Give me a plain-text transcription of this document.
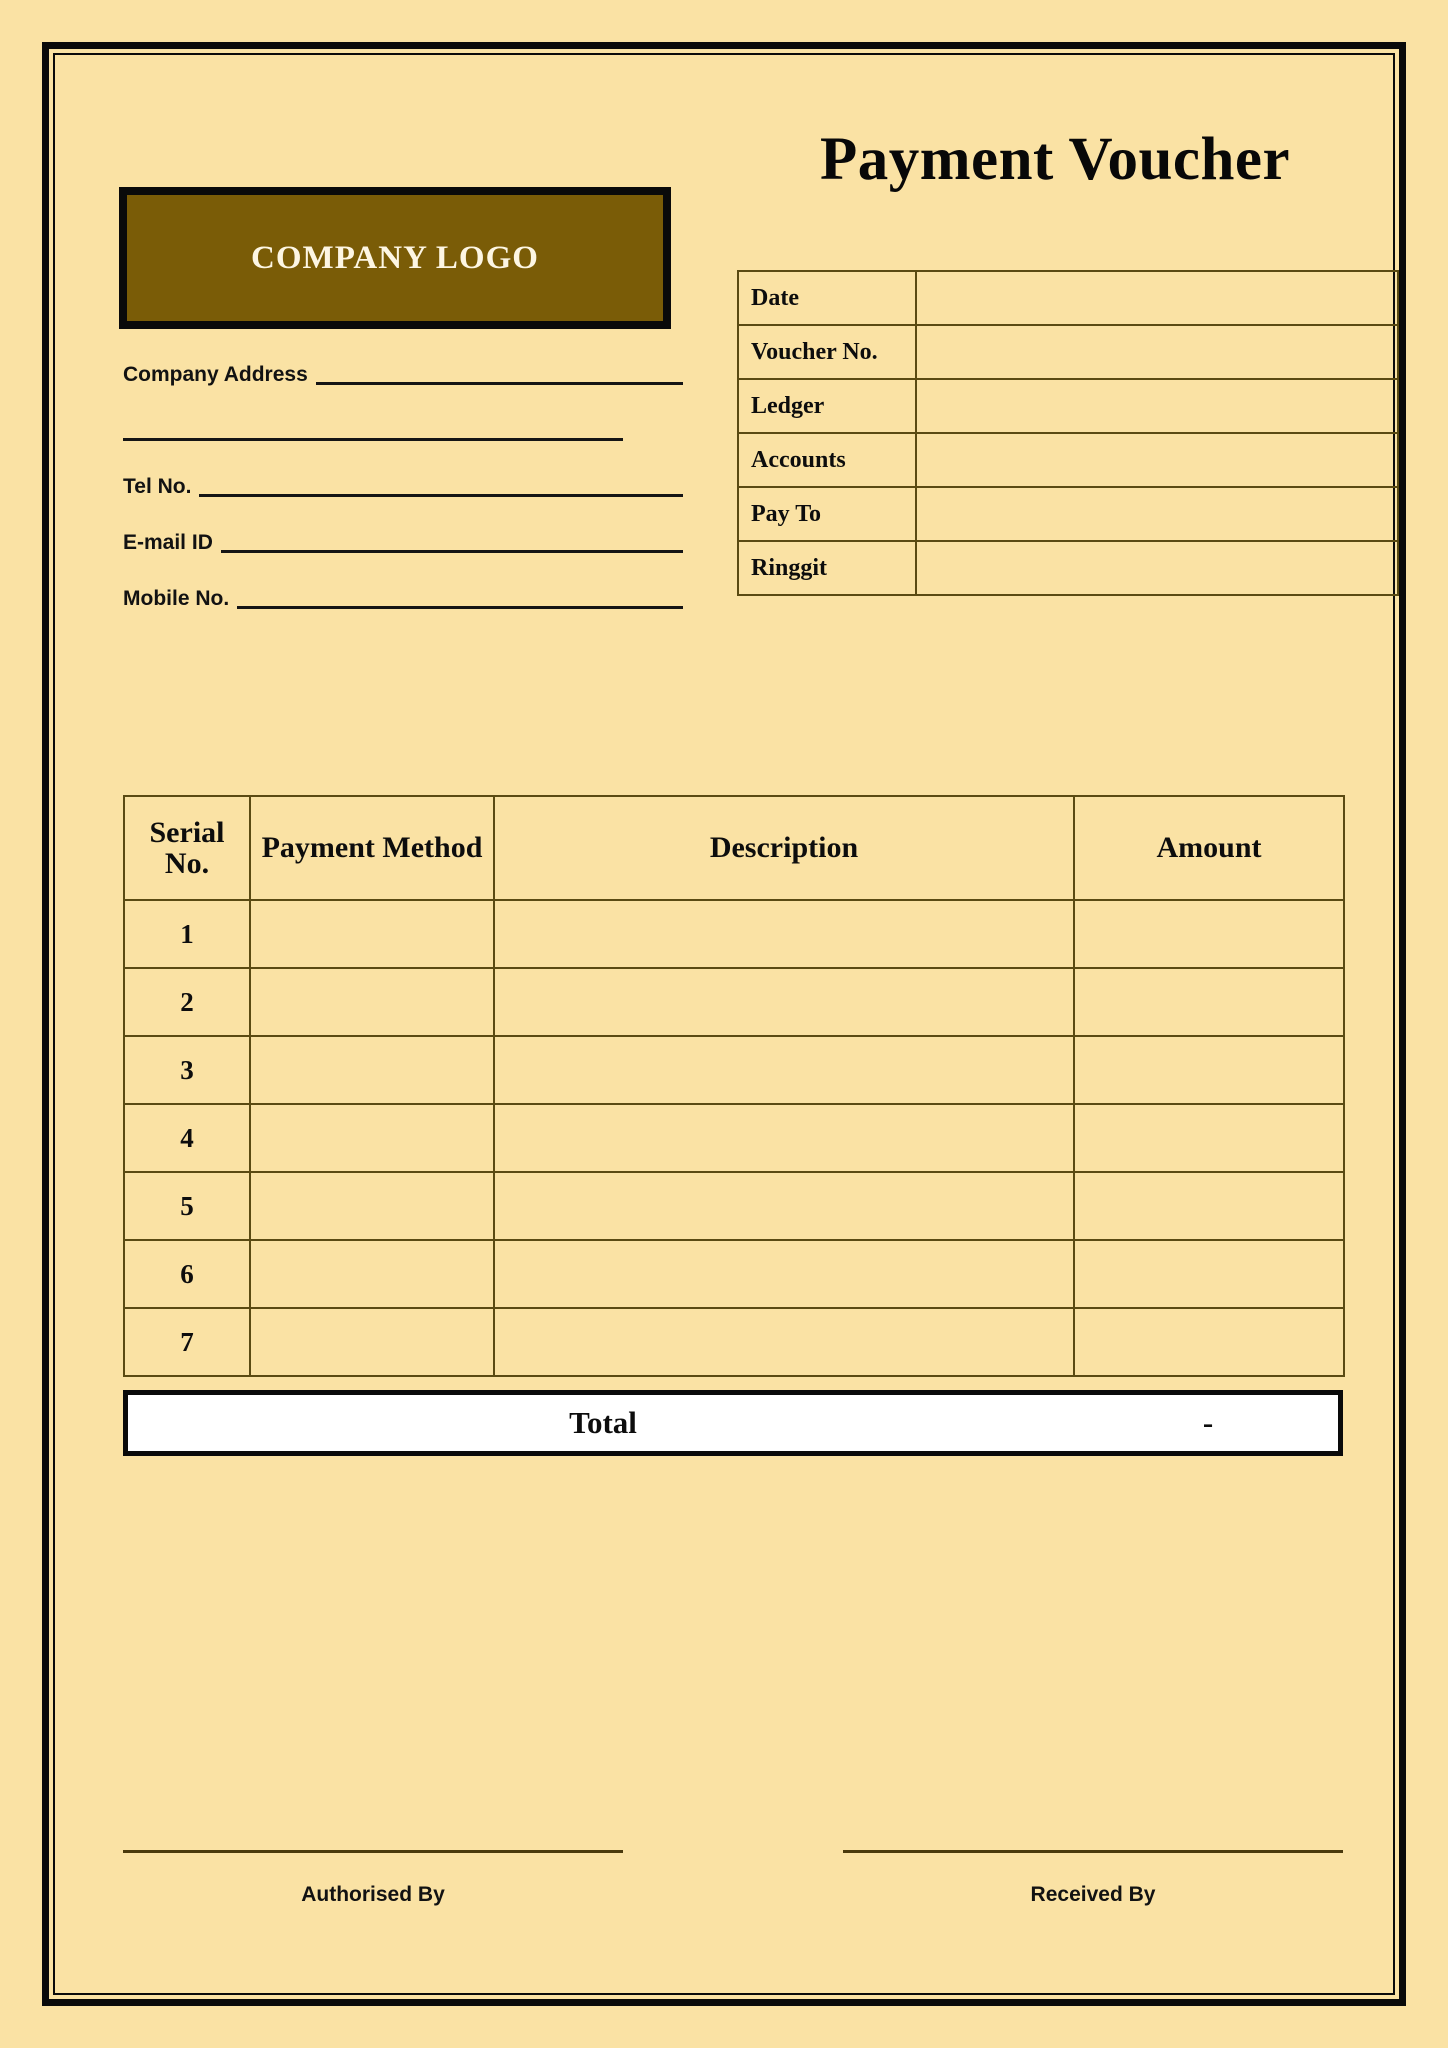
COMPANY LOGO
Payment Voucher
Company Address
Tel No.
E-mail ID
Mobile No.
Date	
Voucher No.	
Ledger	
Accounts	
Pay To	
Ringgit	
Serial No.	Payment Method	Description	Amount
1			
2			
3			
4			
5			
6			
7			
Total	-
Authorised By	Received By
